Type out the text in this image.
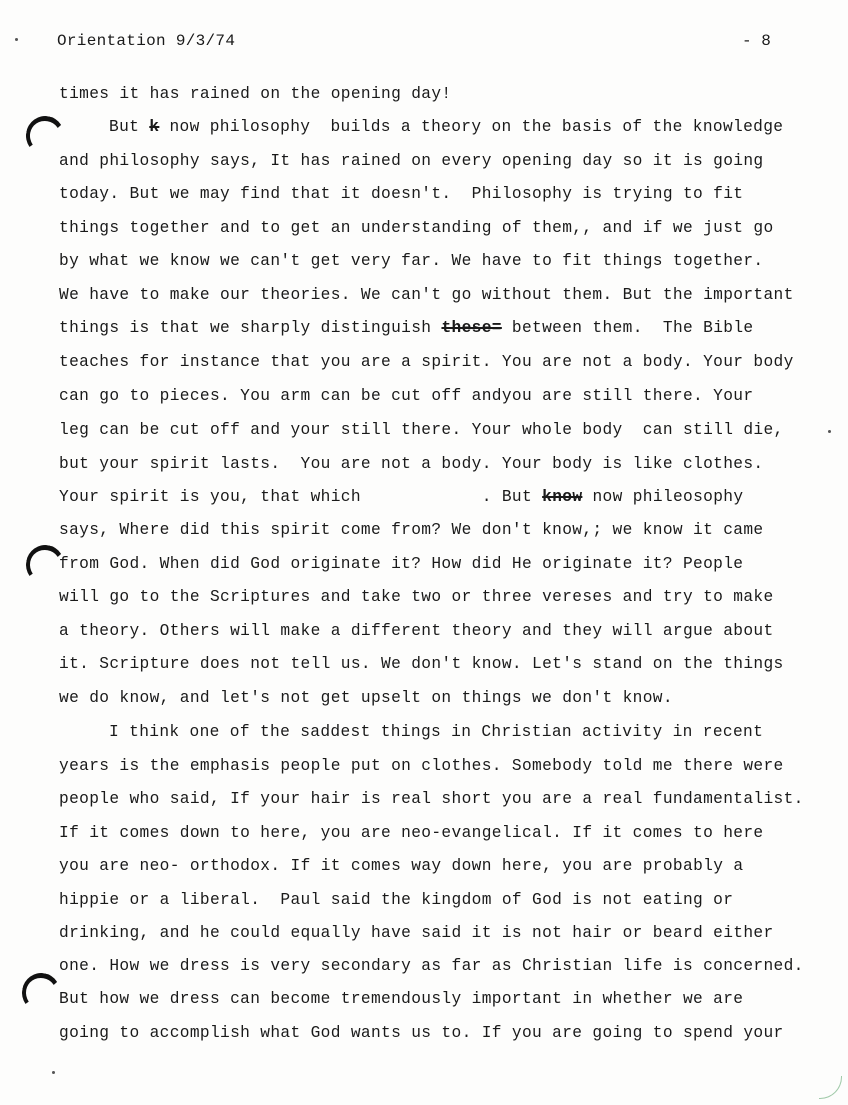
Orientation 9/3/74	- 8
times it has rained on the opening day!
But k now philosophy  builds a theory on the basis of the knowledge
and philosophy says, It has rained on every opening day so it is going
today. But we may find that it doesn't.  Philosophy is trying to fit
things together and to get an understanding of them,, and if we just go
by what we know we can't get very far. We have to fit things together.
We have to make our theories. We can't go without them. But the important
things is that we sharply distinguish these= between them.  The Bible
teaches for instance that you are a spirit. You are not a body. Your body
can go to pieces. You arm can be cut off andyou are still there. Your
leg can be cut off and your still there. Your whole body  can still die,
but your spirit lasts.  You are not a body. Your body is like clothes.
Your spirit is you, that which	. But know now phileosophy
says, Where did this spirit come from? We don't know,; we know it came
from God. When did God originate it? How did He originate it? People
will go to the Scriptures and take two or three vereses and try to make
a theory. Others will make a different theory and they will argue about
it. Scripture does not tell us. We don't know. Let's stand on the things
we do know, and let's not get upselt on things we don't know.
I think one of the saddest things in Christian activity in recent
years is the emphasis people put on clothes. Somebody told me there were
people who said, If your hair is real short you are a real fundamentalist.
If it comes down to here, you are neo-evangelical. If it comes to here
you are neo- orthodox. If it comes way down here, you are probably a
hippie or a liberal.  Paul said the kingdom of God is not eating or
drinking, and he could equally have said it is not hair or beard either
one. How we dress is very secondary as far as Christian life is concerned.
But how we dress can become tremendously important in whether we are
going to accomplish what God wants us to. If you are going to spend your
